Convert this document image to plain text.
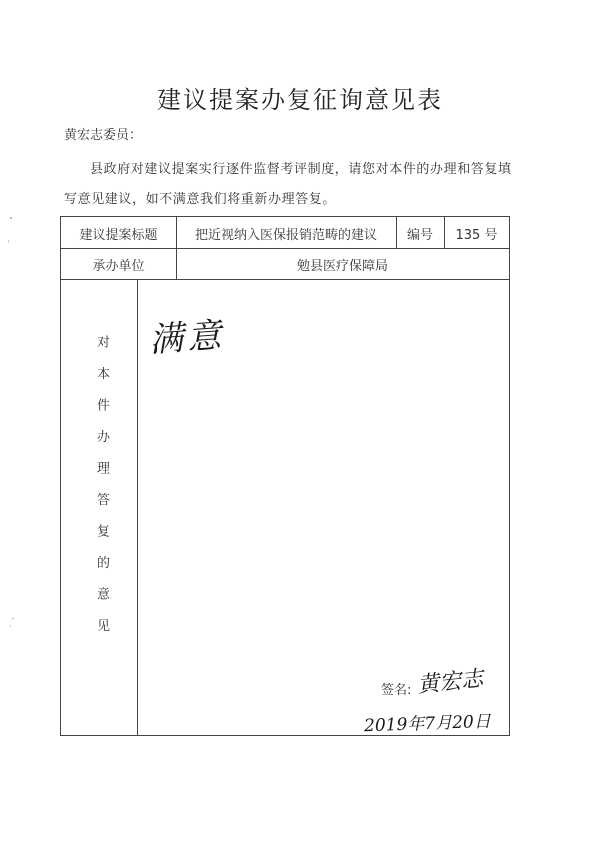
建议提案办复征询意见表
黄宏志委员：
县政府对建议提案实行逐件监督考评制度，请您对本件的办理和答复填写意见建议，如不满意我们将重新办理答复。
建议提案标题	把近视纳入医保报销范畴的建议	编号	135 号
承办单位	勉县医疗保障局
对本件办理答复的意见 满意
签名: 黄宏志
2019年7月20日
